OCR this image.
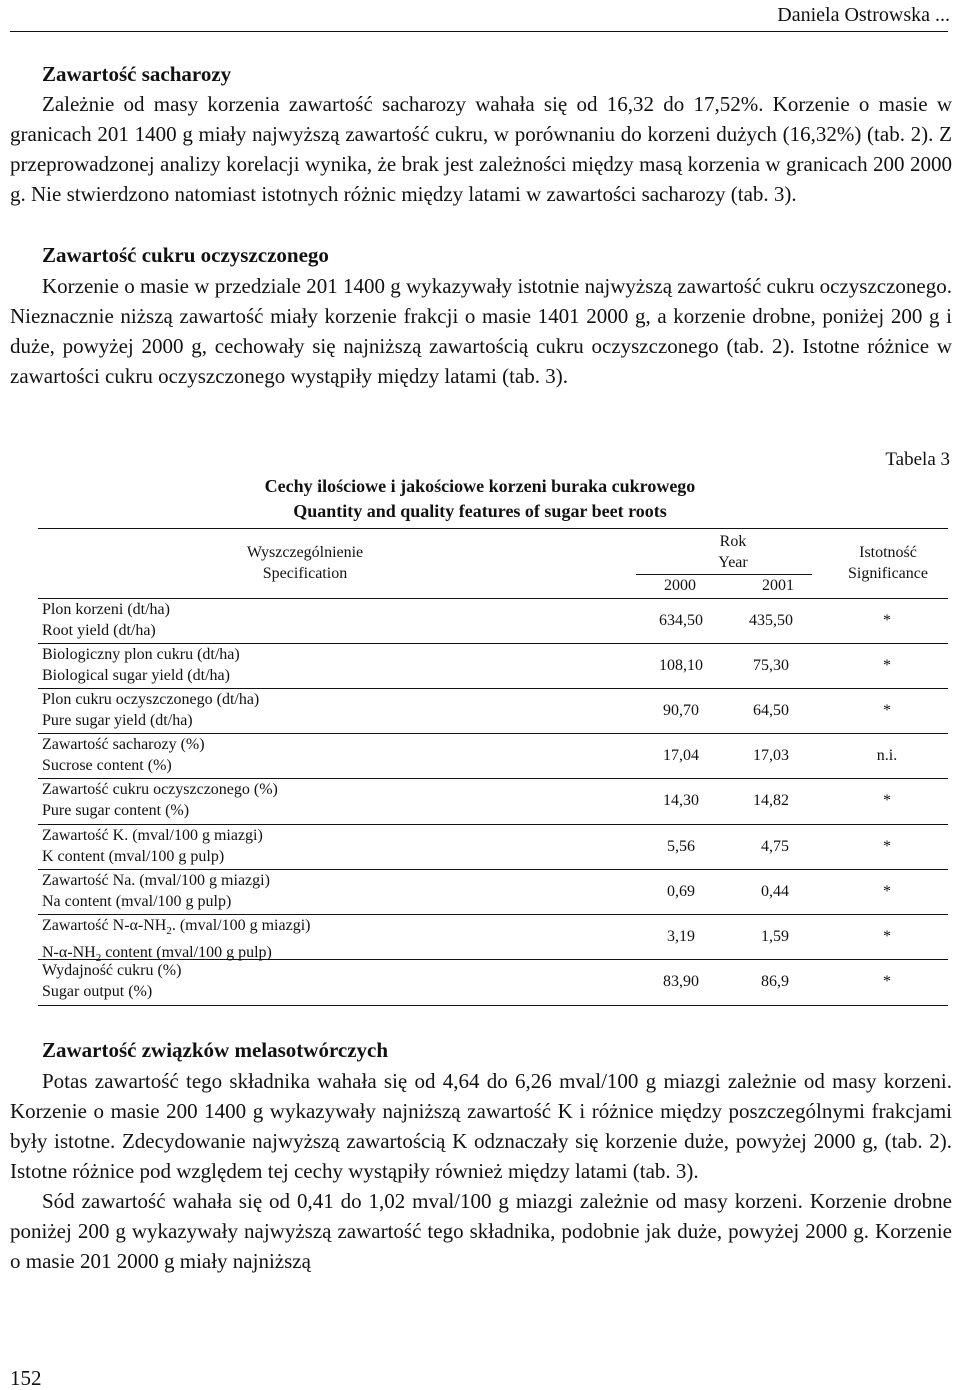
Daniela Ostrowska ...
Zawartość sacharozy

Zależnie od masy korzenia zawartość sacharozy wahała się od 16,32 do 17,52%. Korzenie o masie w granicach 201 1400 g miały najwyższą zawartość cukru, w porównaniu do korzeni dużych (16,32%) (tab. 2). Z przeprowadzonej analizy korelacji wynika, że brak jest zależności między masą korzenia w granicach 200 2000 g. Nie stwierdzono natomiast istotnych różnic między latami w zawartości sacharozy (tab. 3).

Zawartość cukru oczyszczonego

Korzenie o masie w przedziale 201 1400 g wykazywały istotnie najwyższą zawartość cukru oczyszczonego. Nieznacznie niższą zawartość miały korzenie frakcji o masie 1401 2000 g, a korzenie drobne, poniżej 200 g i duże, powyżej 2000 g, cechowały się najniższą zawartością cukru oczyszczonego (tab. 2). Istotne różnice w zawartości cukru oczyszczonego wystąpiły między latami (tab. 3).

Tabela 3
Cechy ilościowe i jakościowe korzeni buraka cukrowego
Quantity and quality features of sugar beet roots
Wyszczególnienie
Specification
Rok
Year
2000	2001
Istotność
Significance
Plon korzeni (dt/ha)
Root yield (dt/ha)
634,50	435,50	*
Biologiczny plon cukru (dt/ha)
Biological sugar yield (dt/ha)
108,10	75,30	*
Plon cukru oczyszczonego (dt/ha)
Pure sugar yield (dt/ha)
90,70	64,50	*
Zawartość sacharozy (%)
Sucrose content (%)
17,04	17,03	n.i.
Zawartość cukru oczyszczonego (%)
Pure sugar content (%)
14,30	14,82	*
Zawartość K. (mval/100 g miazgi)
K content (mval/100 g pulp)
5,56	4,75	*
Zawartość Na. (mval/100 g miazgi)
Na content (mval/100 g pulp)
0,69	0,44	*
Zawartość $N-\alpha-NH_2$. (mval/100 g miazgi)
$N-\alpha-NH_2$ content (mval/100 g pulp)
3,19	1,59	*
Wydajność cukru (%)
Sugar output (%)
83,90	86,9	*
Zawartość związków melasotwórczych

Potas zawartość tego składnika wahała się od 4,64 do 6,26 mval/100 g miazgi zależnie od masy korzeni. Korzenie o masie 200 1400 g wykazywały najniższą zawartość K i różnice między poszczególnymi frakcjami były istotne. Zdecydowanie najwyższą zawartością K odznaczały się korzenie duże, powyżej 2000 g, (tab. 2). Istotne różnice pod względem tej cechy wystąpiły również między latami (tab. 3).

Sód zawartość wahała się od 0,41 do 1,02 mval/100 g miazgi zależnie od masy korzeni. Korzenie drobne poniżej 200 g wykazywały najwyższą zawartość tego składnika, podobnie jak duże, powyżej 2000 g. Korzenie o masie 201 2000 g miały najniższą

152
